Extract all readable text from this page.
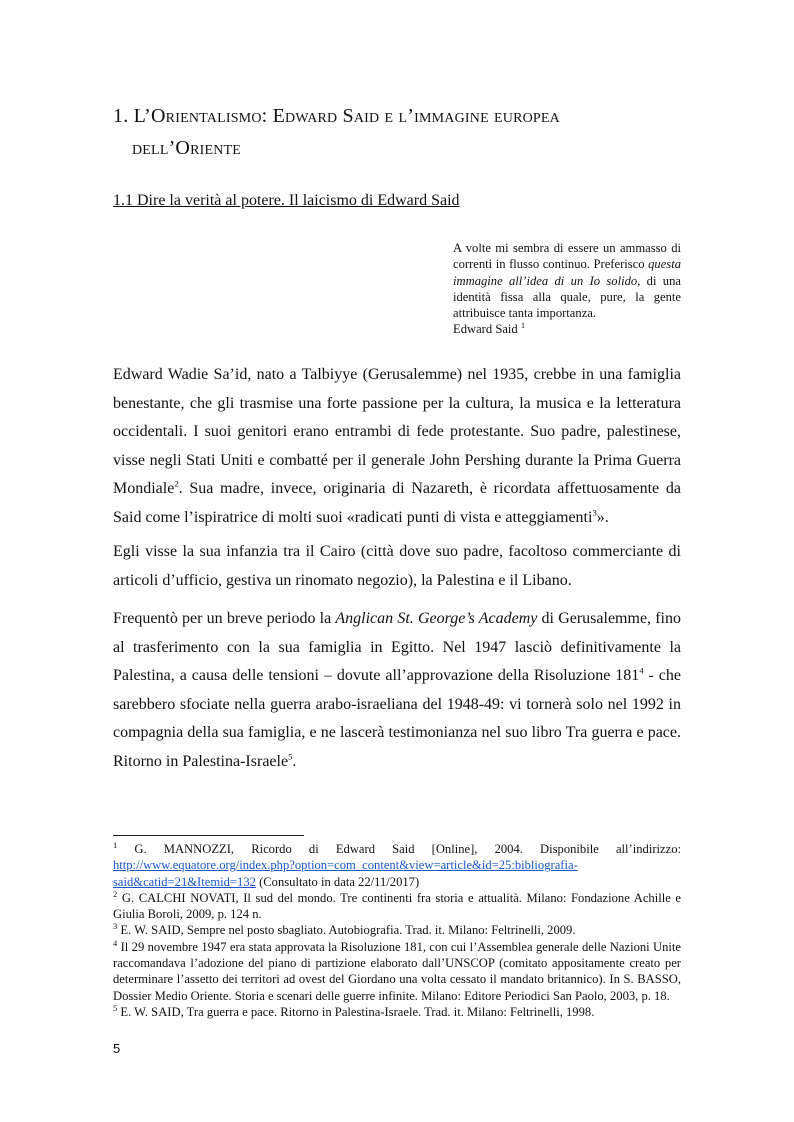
1. L’Orientalismo: Edward Said e l’immagine europea
dell’Oriente
1.1 Dire la verità al potere. Il laicismo di Edward Said
A volte mi sembra di essere un ammasso di correnti in flusso continuo. Preferisco questa immagine all’idea di un Io solido, di una identità fissa alla quale, pure, la gente attribuisce tanta importanza.
Edward Said $^1$

Edward Wadie Sa’id, nato a Talbiyye (Gerusalemme) nel 1935, crebbe in una famiglia benestante, che gli trasmise una forte passione per la cultura, la musica e la letteratura occidentali. I suoi genitori erano entrambi di fede protestante. Suo padre, palestinese, visse negli Stati Uniti e combatté per il generale John Pershing durante la Prima Guerra Mondiale$^2$. Sua madre, invece, originaria di Nazareth, è ricordata affettuosamente da Said come l’ispiratrice di molti suoi «radicati punti di vista e atteggiamenti$^3$».

Egli visse la sua infanzia tra il Cairo (città dove suo padre, facoltoso commerciante di articoli d’ufficio, gestiva un rinomato negozio), la Palestina e il Libano.

Frequentò per un breve periodo la Anglican St. George’s Academy di Gerusalemme, fino al trasferimento con la sua famiglia in Egitto. Nel 1947 lasciò definitivamente la Palestina, a causa delle tensioni – dovute all’approvazione della Risoluzione $181^4$ - che sarebbero sfociate nella guerra arabo-israeliana del 1948-49: vi tornerà solo nel 1992 in compagnia della sua famiglia, e ne lascerà testimonianza nel suo libro Tra guerra e pace. Ritorno in Palestina-Israele$^5$.

$^1$ G. MANNOZZI, Ricordo di Edward Said [Online], 2004. Disponibile all’indirizzo: http://www.equatore.org/index.php?option=com_content&view=article&id=25:bibliografia-said&catid=21&Itemid=132 (Consultato in data 22/11/2017)

$^2$ G. CALCHI NOVATI, Il sud del mondo. Tre continenti fra storia e attualità. Milano: Fondazione Achille e Giulia Boroli, 2009, p. 124 n.

$^3$ E. W. SAID, Sempre nel posto sbagliato. Autobiografia. Trad. it. Milano: Feltrinelli, 2009.

$^4$ Il 29 novembre 1947 era stata approvata la Risoluzione 181, con cui l’Assemblea generale delle Nazioni Unite raccomandava l’adozione del piano di partizione elaborato dall’UNSCOP (comitato appositamente creato per determinare l’assetto dei territori ad ovest del Giordano una volta cessato il mandato britannico). In S. BASSO, Dossier Medio Oriente. Storia e scenari delle guerre infinite. Milano: Editore Periodici San Paolo, 2003, p. 18.

$^5$ E. W. SAID, Tra guerra e pace. Ritorno in Palestina-Israele. Trad. it. Milano: Feltrinelli, 1998.

5
